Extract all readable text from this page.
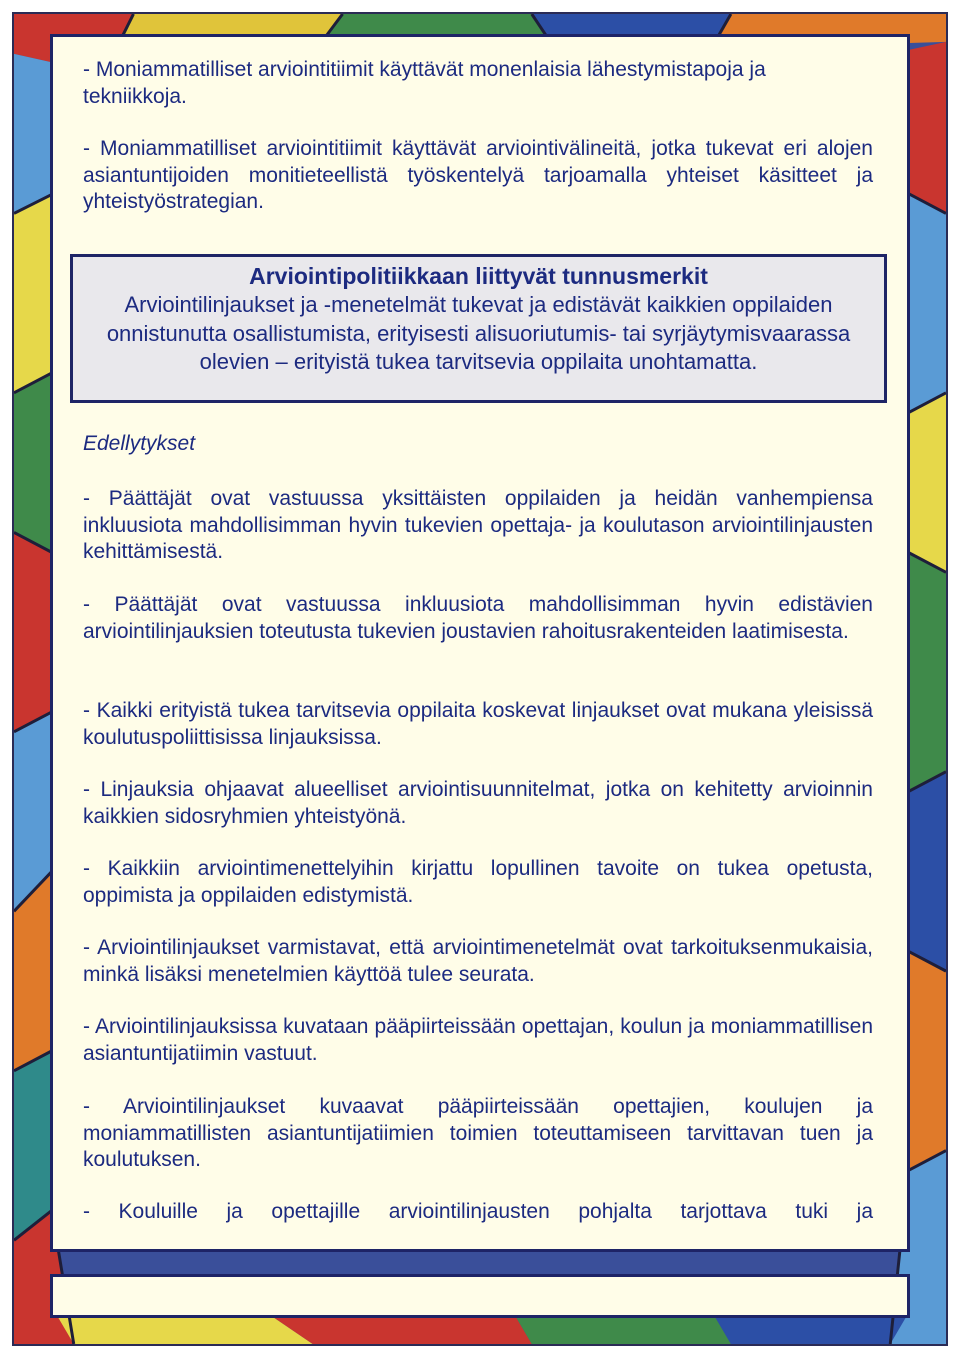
- Moniammatilliset arviointitiimit käyttävät monenlaisia lähestymistapoja ja tekniikkoja.

- Moniammatilliset arviointitiimit käyttävät arviointivälineitä, jotka tukevat eri alojen asiantuntijoiden monitieteellistä työskentelyä tarjoamalla yhteiset käsitteet ja yhteistyöstrategian.

Arviointipolitiikkaan liittyvät tunnusmerkit
Arviointilinjaukset ja -menetelmät tukevat ja edistävät kaikkien oppilaiden onnistunutta osallistumista, erityisesti alisuoriutumis- tai syrjäytymisvaarassa olevien – erityistä tukea tarvitsevia oppilaita unohtamatta.
Edellytykset

- Päättäjät ovat vastuussa yksittäisten oppilaiden ja heidän vanhempiensa inkluusiota mahdollisimman hyvin tukevien opettaja- ja koulutason arviointilinjausten kehittämisestä.

- Päättäjät ovat vastuussa inkluusiota mahdollisimman hyvin edistävien arviointilinjauksien toteutusta tukevien joustavien rahoitusrakenteiden laatimisesta.

- Kaikki erityistä tukea tarvitsevia oppilaita koskevat linjaukset ovat mukana yleisissä koulutuspoliittisissa linjauksissa.

- Linjauksia ohjaavat alueelliset arviointisuunnitelmat, jotka on kehitetty arvioinnin kaikkien sidosryhmien yhteistyönä.

- Kaikkiin arviointimenettelyihin kirjattu lopullinen tavoite on tukea opetusta, oppimista ja oppilaiden edistymistä.

- Arviointilinjaukset varmistavat, että arviointimenetelmät ovat tarkoituksenmukaisia, minkä lisäksi menetelmien käyttöä tulee seurata.

- Arviointilinjauksissa kuvataan pääpiirteissään opettajan, koulun ja moniammatillisen asiantuntijatiimin vastuut.

- Arviointilinjaukset kuvaavat pääpiirteissään opettajien, koulujen ja moniammatillisten asiantuntijatiimien toimien toteuttamiseen tarvittavan tuen ja koulutuksen.

- Kouluille ja opettajille arviointilinjausten pohjalta tarjottava tuki ja
